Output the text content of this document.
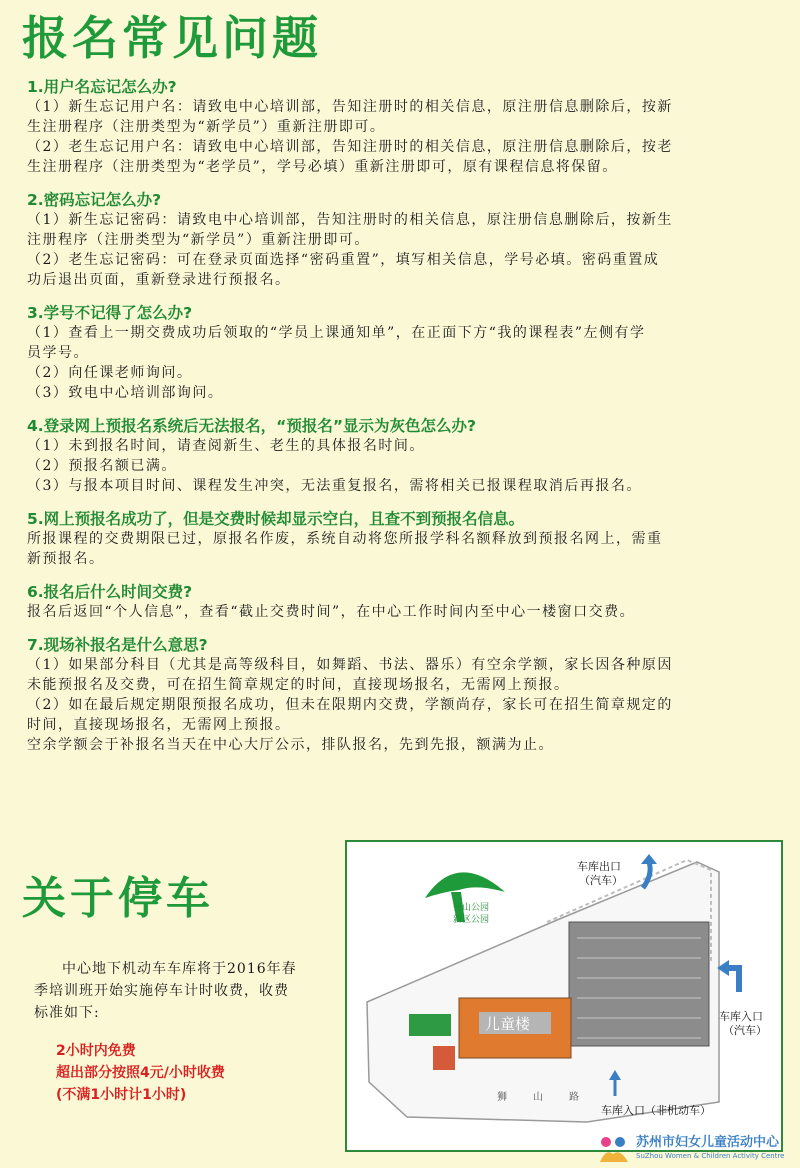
报名常见问题
1.用户名忘记怎么办?
（1）新生忘记用户名：请致电中心培训部，告知注册时的相关信息，原注册信息删除后，按新
生注册程序（注册类型为“新学员”）重新注册即可。
（2）老生忘记用户名：请致电中心培训部，告知注册时的相关信息，原注册信息删除后，按老
生注册程序（注册类型为“老学员”，学号必填）重新注册即可，原有课程信息将保留。
2.密码忘记怎么办?
（1）新生忘记密码：请致电中心培训部，告知注册时的相关信息，原注册信息删除后，按新生
注册程序（注册类型为“新学员”）重新注册即可。
（2）老生忘记密码：可在登录页面选择“密码重置”，填写相关信息，学号必填。密码重置成
功后退出页面，重新登录进行预报名。
3.学号不记得了怎么办?
（1）查看上一期交费成功后领取的“学员上课通知单”，在正面下方“我的课程表”左侧有学
员学号。
（2）向任课老师询问。
（3）致电中心培训部询问。
4.登录网上预报名系统后无法报名，“预报名”显示为灰色怎么办?
（1）未到报名时间，请查阅新生、老生的具体报名时间。
（2）预报名额已满。
（3）与报本项目时间、课程发生冲突，无法重复报名，需将相关已报课程取消后再报名。
5.网上预报名成功了，但是交费时候却显示空白，且查不到预报名信息。
所报课程的交费期限已过，原报名作废，系统自动将您所报学科名额释放到预报名网上，需重
新预报名。
6.报名后什么时间交费?
报名后返回“个人信息”，查看“截止交费时间”，在中心工作时间内至中心一楼窗口交费。
7.现场补报名是什么意思?
（1）如果部分科目（尤其是高等级科目，如舞蹈、书法、器乐）有空余学额，家长因各种原因
未能预报名及交费，可在招生简章规定的时间，直接现场报名，无需网上预报。
（2）如在最后规定期限预报名成功，但未在限期内交费，学额尚存，家长可在招生简章规定的
时间，直接现场报名，无需网上预报。
空余学额会于补报名当天在中心大厅公示，排队报名，先到先报，额满为止。
关于停车
中心地下机动车车库将于2016年春
季培训班开始实施停车计时收费，收费
标准如下:
2小时内免费
超出部分按照4元/小时收费
(不满1小时计1小时)
何山公园
新区公园
儿童楼
车库出口
（汽车）
车库入口
（汽车）
车库入口（非机动车）
狮	山	路
苏州市妇女儿童活动中心
SuZhou Women & Children Activity Centre
